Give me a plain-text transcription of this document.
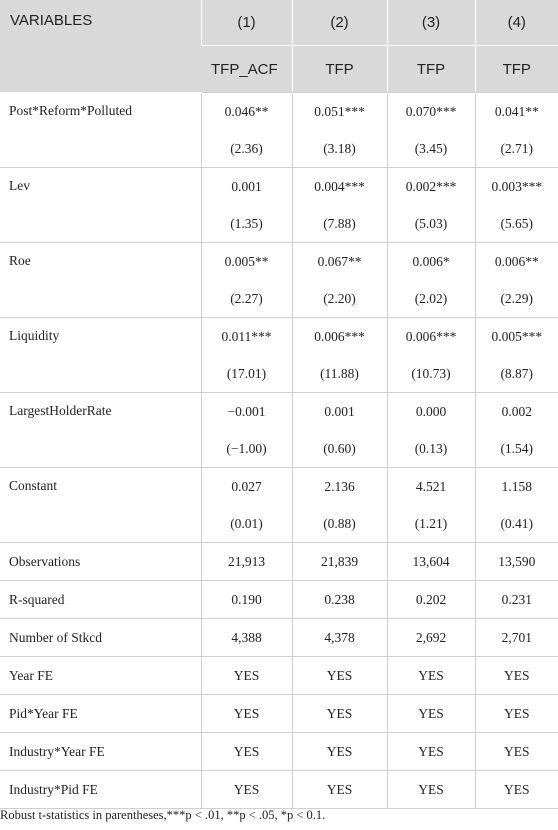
VARIABLES	(1)	(2)	(3)	(4)
	TFP_ACF	TFP	TFP	TFP
Post*Reform*Polluted	0.046**	0.051***	0.070***	0.041**
	(2.36)	(3.18)	(3.45)	(2.71)
Lev	0.001	0.004***	0.002***	0.003***
	(1.35)	(7.88)	(5.03)	(5.65)
Roe	0.005**	0.067**	0.006*	0.006**
	(2.27)	(2.20)	(2.02)	(2.29)
Liquidity	0.011***	0.006***	0.006***	0.005***
	(17.01)	(11.88)	(10.73)	(8.87)
LargestHolderRate	−0.001	0.001	0.000	0.002
	(−1.00)	(0.60)	(0.13)	(1.54)
Constant	0.027	2.136	4.521	1.158
	(0.01)	(0.88)	(1.21)	(0.41)
Observations	21,913	21,839	13,604	13,590
R-squared	0.190	0.238	0.202	0.231
Number of Stkcd	4,388	4,378	2,692	2,701
Year FE	YES	YES	YES	YES
Pid*Year FE	YES	YES	YES	YES
Industry*Year FE	YES	YES	YES	YES
Industry*Pid FE	YES	YES	YES	YES
Robust t-statistics in parentheses,***p < .01, **p < .05, *p < 0.1.
